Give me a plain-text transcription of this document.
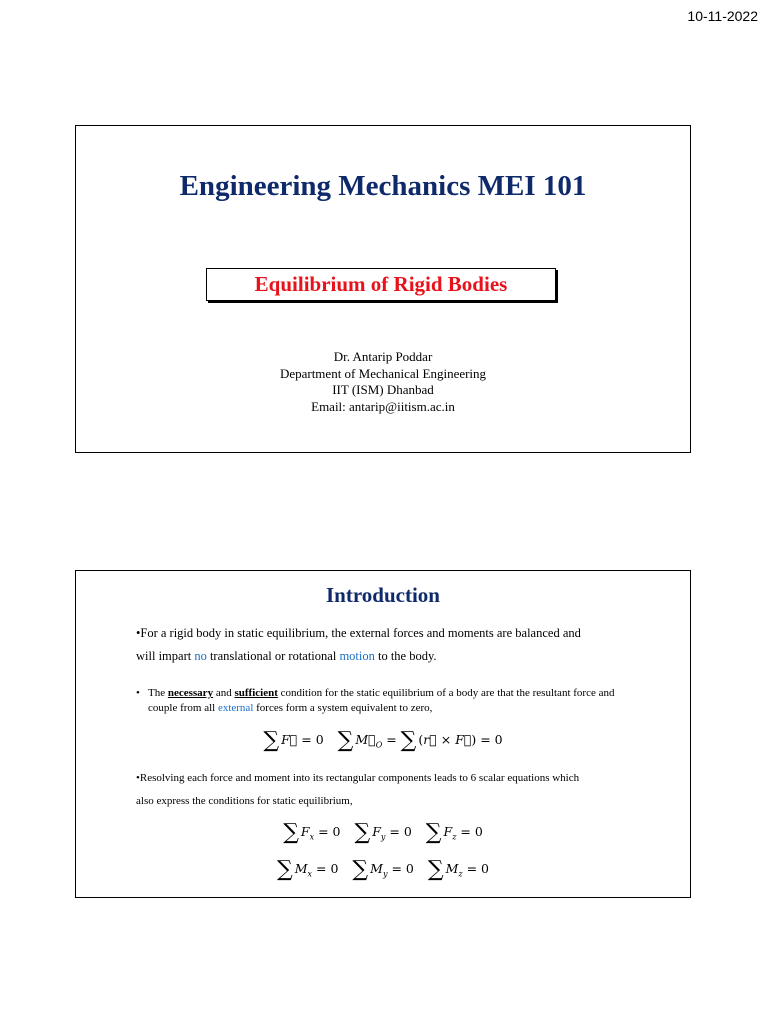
10-11-2022
Engineering Mechanics MEI 101
Equilibrium of Rigid Bodies
Dr. Antarip Poddar
Department of Mechanical Engineering
IIT (ISM) Dhanbad
Email: antarip@iitism.ac.in
Introduction
•For a rigid body in static equilibrium, the external forces and moments are balanced and will impart no translational or rotational motion to the body.
• The necessary and sufficient condition for the static equilibrium of a body are that the resultant force and couple from all external forces form a system equivalent to zero,
∑ F⃗ = 0 ∑ $M⃗_O$ = ∑ (r⃗ × F⃗) = 0
•Resolving each force and moment into its rectangular components leads to 6 scalar equations which also express the conditions for static equilibrium,
∑ $F_x = 0$ ∑ $F_y = 0$ ∑ $F_z = 0$
∑ $M_x = 0$ ∑ $M_y = 0$ ∑ $M_z = 0$
